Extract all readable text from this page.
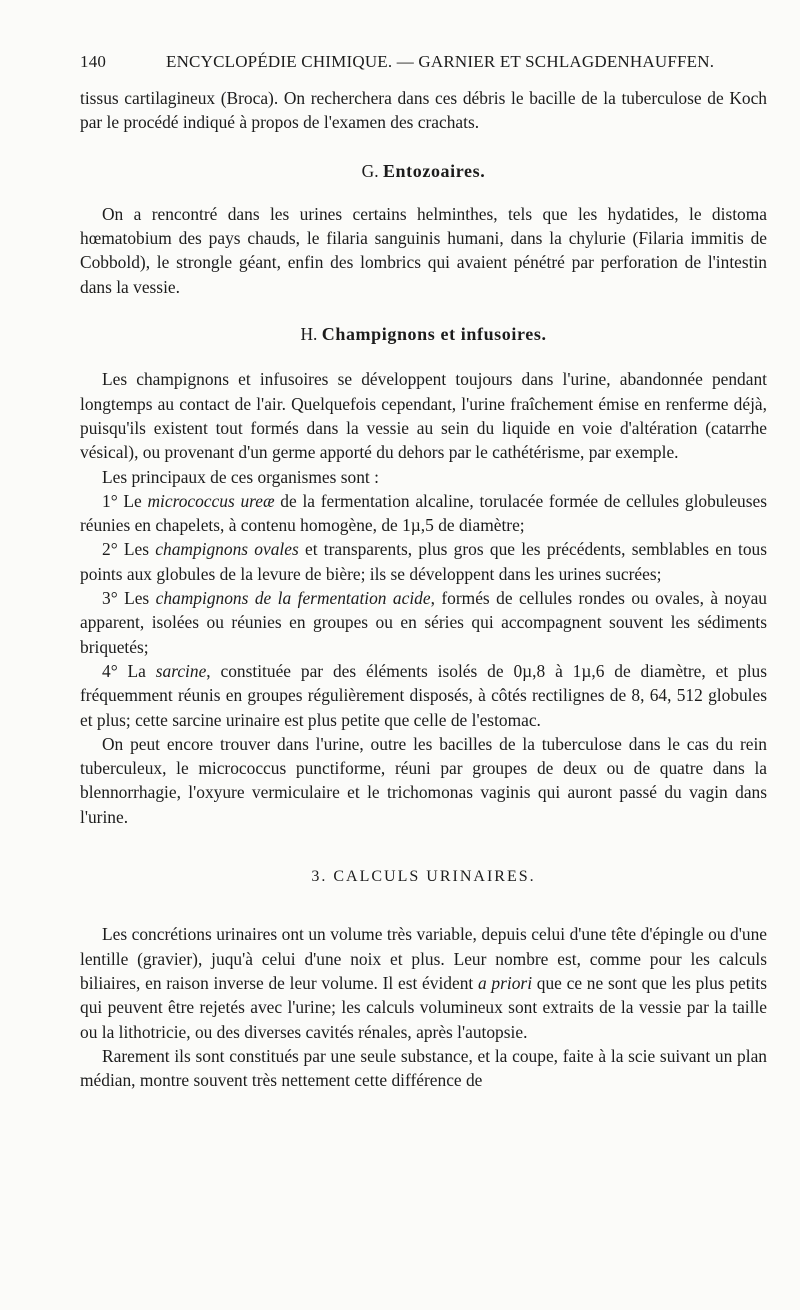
140	ENCYCLOPÉDIE CHIMIQUE. — GARNIER ET SCHLAGDENHAUFFEN.

tissus cartilagineux (Broca). On recherchera dans ces débris le bacille de la tuberculose de Koch par le procédé indiqué à propos de l'examen des crachats.

G. Entozoaires.

On a rencontré dans les urines certains helminthes, tels que les hydatides, le distoma hœmatobium des pays chauds, le filaria sanguinis humani, dans la chylurie (Filaria immitis de Cobbold), le strongle géant, enfin des lombrics qui avaient pénétré par perforation de l'intestin dans la vessie.

H. Champignons et infusoires.

Les champignons et infusoires se développent toujours dans l'urine, abandonnée pendant longtemps au contact de l'air. Quelquefois cependant, l'urine fraîchement émise en renferme déjà, puisqu'ils existent tout formés dans la vessie au sein du liquide en voie d'altération (catarrhe vésical), ou provenant d'un germe apporté du dehors par le cathétérisme, par exemple.

Les principaux de ces organismes sont :

1° Le micrococcus ureæ de la fermentation alcaline, torulacée formée de cellules globuleuses réunies en chapelets, à contenu homogène, de 1µ,5 de diamètre;

2° Les champignons ovales et transparents, plus gros que les précédents, semblables en tous points aux globules de la levure de bière; ils se développent dans les urines sucrées;

3° Les champignons de la fermentation acide, formés de cellules rondes ou ovales, à noyau apparent, isolées ou réunies en groupes ou en séries qui accompagnent souvent les sédiments briquetés;

4° La sarcine, constituée par des éléments isolés de 0µ,8 à 1µ,6 de diamètre, et plus fréquemment réunis en groupes régulièrement disposés, à côtés rectilignes de 8, 64, 512 globules et plus; cette sarcine urinaire est plus petite que celle de l'estomac.

On peut encore trouver dans l'urine, outre les bacilles de la tuberculose dans le cas du rein tuberculeux, le micrococcus punctiforme, réuni par groupes de deux ou de quatre dans la blennorrhagie, l'oxyure vermiculaire et le trichomonas vaginis qui auront passé du vagin dans l'urine.

3. CALCULS URINAIRES.

Les concrétions urinaires ont un volume très variable, depuis celui d'une tête d'épingle ou d'une lentille (gravier), juqu'à celui d'une noix et plus. Leur nombre est, comme pour les calculs biliaires, en raison inverse de leur volume. Il est évident a priori que ce ne sont que les plus petits qui peuvent être rejetés avec l'urine; les calculs volumineux sont extraits de la vessie par la taille ou la lithotricie, ou des diverses cavités rénales, après l'autopsie.

Rarement ils sont constitués par une seule substance, et la coupe, faite à la scie suivant un plan médian, montre souvent très nettement cette différence de
